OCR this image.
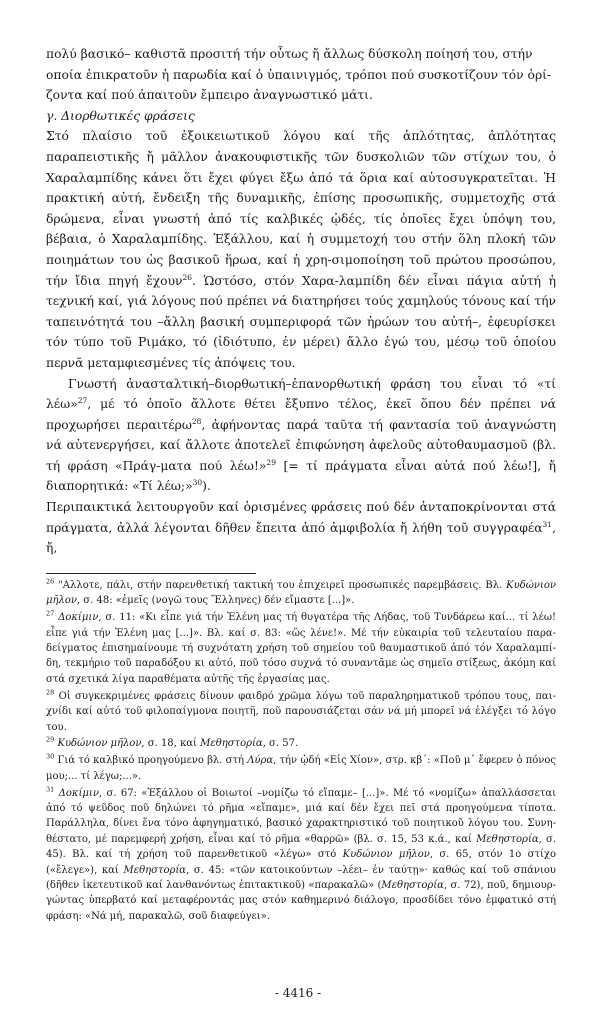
πολύ βασικό– καθιστᾶ προσιτή τήν οὗτως ἤ ἄλλως δύσκολη ποίησή του, στήν

οποία ἐπικρατοῦν ἡ παρωδία καί ὁ ὑπαινιγμός, τρόποι πού συσκοτίζουν τόν ὁρί-

ζοντα καί πού ἀπαιτοῦν ἔμπειρο ἀναγνωστικό μάτι.

γ. Διορθωτικές φράσεις

Στό πλαίσιο τοῦ ἐξοικειωτικοῦ λόγου καί τῆς ἁπλότητας, ἁπλότητας παραπειστικῆς ἤ μᾶλλον ἀνακουφιστικῆς τῶν δυσκολιῶν τῶν στίχων του, ὁ Χαραλαμπίδης κάνει ὅτι ἔχει φύγει ἔξω ἀπό τά ὅρια καί αὐτοσυγκρατεῖται. Ἡ πρακτική αὐτή, ἔνδειξη τῆς δυναμικῆς, ἐπίσης προσωπικῆς, συμμετοχῆς στά δρώμενα, εἶναι γνωστή ἀπό τίς καλβικές ᾠδές, τίς ὁποῖες ἔχει ὑπόψη του, βέβαια, ὁ Χαραλαμπίδης. Ἐξάλλου, καί ἡ συμμετοχή του στήν ὅλη πλοκή τῶν ποιημάτων του ὡς βασικοῦ ἥρωα, καί ἡ χρη-σιμοποίηση τοῦ πρώτου προσώπου, τήν ἴδια πηγή ἔχουν$^{26}$. Ὡστόσο, στόν Χαρα-λαμπίδη δέν εἶναι πάγια αὐτή ἡ τεχνική καί, γιά λόγους πού πρέπει νά διατηρήσει τούς χαμηλούς τόνους καί τήν ταπεινότητά του –ἄλλη βασική συμπεριφορά τῶν ἡρώων του αὐτή–, ἐφευρίσκει τόν τύπο τοῦ Ριμάκο, τό (ἰδιότυπο, ἐν μέρει) ἄλλο ἐγώ του, μέσῳ τοῦ ὁποίου περνᾶ μεταμφιεσμένες τίς ἀπόψεις του.

Γνωστή ἀνασταλτική–διορθωτική–ἐπανορθωτική φράση του εἶναι τό «τί λέω»$^{27}$, μέ τό ὁποῖο ἄλλοτε θέτει ἔξυπνο τέλος, ἐκεῖ ὅπου δέν πρέπει νά προχωρήσει περαιτέρω$^{28}$, ἀφήνοντας παρά ταῦτα τή φαντασία τοῦ ἀναγνώστη νά αὐτενεργήσει, καί ἄλλοτε ἀποτελεῖ ἐπιφώνηση ἀφελοῦς αὐτοθαυμασμοῦ (βλ. τή φράση «Πράγ-ματα πού λέω!»$^{29}$ [= τί πράγματα εἶναι αὐτά πού λέω!], ἤ διαπορητικά: «Τί λέω;»$^{30}$).

Περιπαικτικά λειτουργοῦν καί ὁρισμένες φράσεις πού δέν ἀνταποκρίνονται στά πράγματα, ἀλλά λέγονται δῆθεν ἔπειτα ἀπό ἀμφιβολία ἤ λήθη τοῦ συγγραφέα$^{31}$, ἤ,

$^{26}$ "Αλλοτε, πάλι, στήν παρενθετική τακτική του ἐπιχειρεῖ προσωπικές παρεμβάσεις. Βλ. Κυδώνιον μῆλον, σ. 48: «ἐμεῖς (νογῶ τους Ἕλληνες) δέν εἴμαστε [...]».

$^{27}$ Δοκίμιν, σ. 11: «Κι εἶπε γιά τήν Ἑλένη μας τή θυγατέρα τῆς Λήδας, τοῦ Τυνδάρεω καί... τί λέω! εἶπε γιά τήν Ἑλένη μας [...]». Βλ. καί σ. 83: «ὥς λένε!». Μέ τήν εὐκαιρία τοῦ τελευταίου παρα-δείγματος ἐπισημαίνουμε τή συχνότατη χρήση τοῦ σημείου τοῦ θαυμαστικοῦ ἀπό τόν Χαραλαμπί-δη, τεκμήριο τοῦ παραδόξου κι αὐτό, ποῦ τόσο συχνά τό συναντᾶμε ὡς σημεῖο στίξεως, ἀκόμη καί στά σχετικά λίγα παραθέματα αὐτῆς τῆς ἐργασίας μας.

$^{28}$ Οἱ συγκεκριμένες φράσεις δίνουν φαιδρό χρῶμα λόγω τοῦ παραληρηματικοῦ τρόπου τους, παι-χνίδι καί αὐτό τοῦ φιλοπαίγμονα ποιητῆ, ποῦ παρουσιάζεται σάν νά μή μπορεῖ νά ἐλέγξει τό λόγο του.

$^{29}$ Κυδώνιον μῆλον, σ. 18, καί Μεθηστορία, σ. 57.

$^{30}$ Γιά τό καλβικό προηγούμενο βλ. στή Λύρα, τήν ᾠδή «Εἰς Χίον», στρ. κβ΄: «Ποῦ μ᾽ ἔφερεν ὁ πόνος μου;... τί λέγω;...».

$^{31}$ Δοκίμιν, σ. 67: «Ἐξάλλου οἱ Βοιωτοί –νομίζω τό εἴπαμε– [...]». Μέ τό «νομίζω» ἀπαλλάσσεται ἀπό τό ψεῦδος ποῦ δηλώνει τό ρῆμα «εἴπαμε», μιά καί δέν ἔχει πεῖ στά προηγούμενα τίποτα. Παράλληλα, δίνει ἕνα τόνο ἀφηγηματικό, βασικό χαρακτηριστικό τοῦ ποιητικοῦ λόγου του. Συνη-θέστατο, μέ παρεμφερή χρήση, εἶναι καί τό ρῆμα «θαρρῶ» (βλ. σ. 15, 53 κ.ά., καί Μεθηστορία, σ. 45). Βλ. καί τή χρήση τοῦ παρενθετικοῦ «λέγω» στό Κυδώνιον μῆλον, σ. 65, στόν 1ο στίχο («ἔλεγε»), καί Μεθηστορία, σ. 45: «τῶν κατοικούντων –λέει– ἐν ταύτῃ»· καθώς καί τοῦ σπάνιου (δῆθεν ἱκετευτικοῦ καί λανθανόντως ἐπιτακτικοῦ) «παρακαλῶ» (Μεθηστορία, σ. 72), ποῦ, δημιουρ-γώντας ὑπερβατό καί μεταφέροντάς μας στόν καθημερινό διάλογο, προσδίδει τόνο ἐμφατικό στή φράση: «Νά μή, παρακαλῶ, σοῦ διαφεύγει».

- 4416 -
